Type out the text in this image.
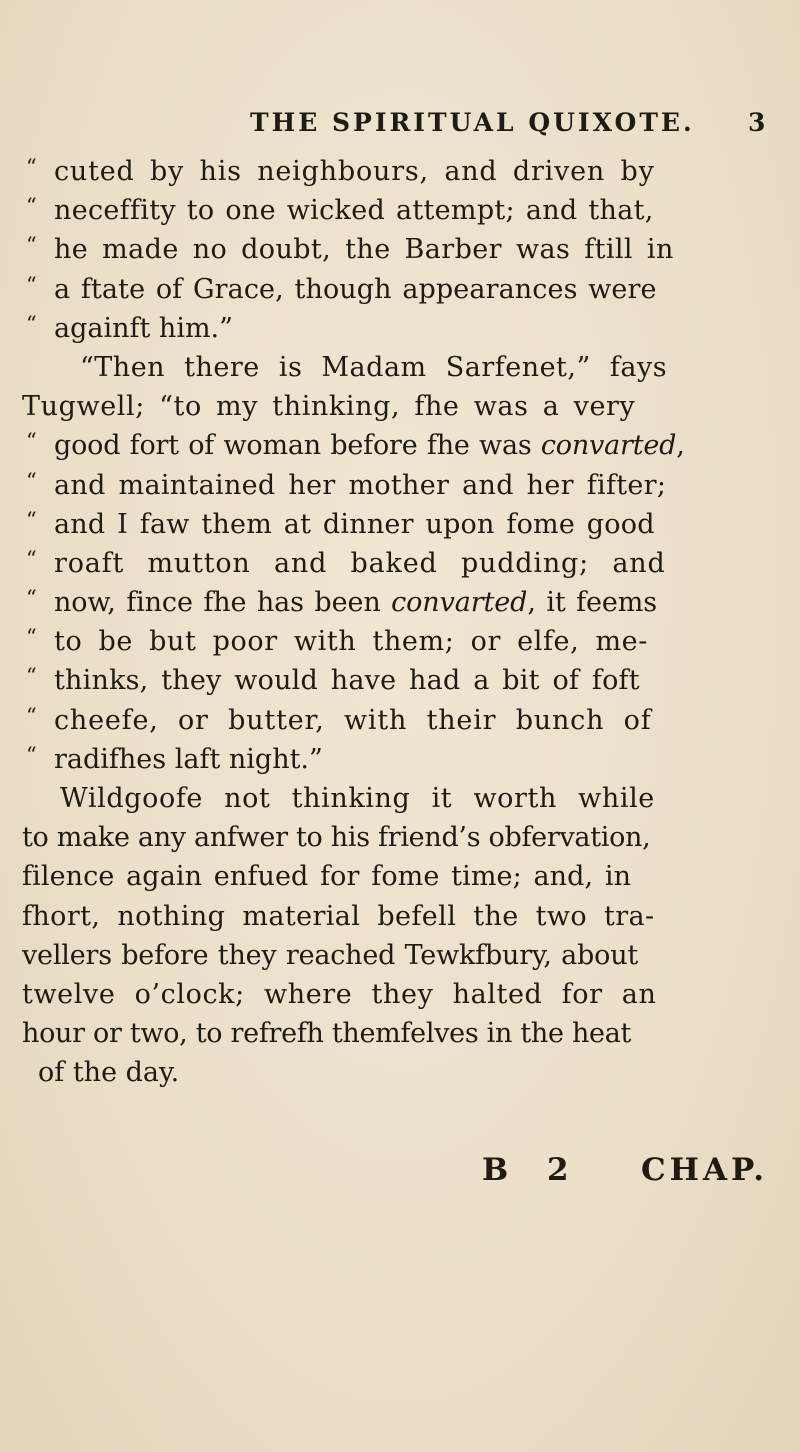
THE SPIRITUAL QUIXOTE. 3
“ cuted by his neighbours, and driven by
“ neceffity to one wicked attempt; and that,
“ he made no doubt, the Barber was ftill in
“ a ftate of Grace, though appearances were
“ againft him.”
“Then there is Madam Sarfenet,” fays
Tugwell; “to my thinking, fhe was a very
“ good fort of woman before fhe was convarted,
“ and maintained her mother and her fifter;
“ and I faw them at dinner upon fome good
“ roaft mutton and baked pudding; and
“ now, fince fhe has been convarted, it feems
“ to be but poor with them; or elfe, me-
“ thinks, they would have had a bit of foft
“ cheefe, or butter, with their bunch of
“ radifhes laft night.”
Wildgoofe not thinking it worth while
to make any anfwer to his friend’s obfervation,
filence again enfued for fome time; and, in
fhort, nothing material befell the two tra-
vellers before they reached Tewkfbury, about
twelve o’clock; where they halted for an
hour or two, to refrefh themfelves in the heat
of the day.
B 2 CHAP.
